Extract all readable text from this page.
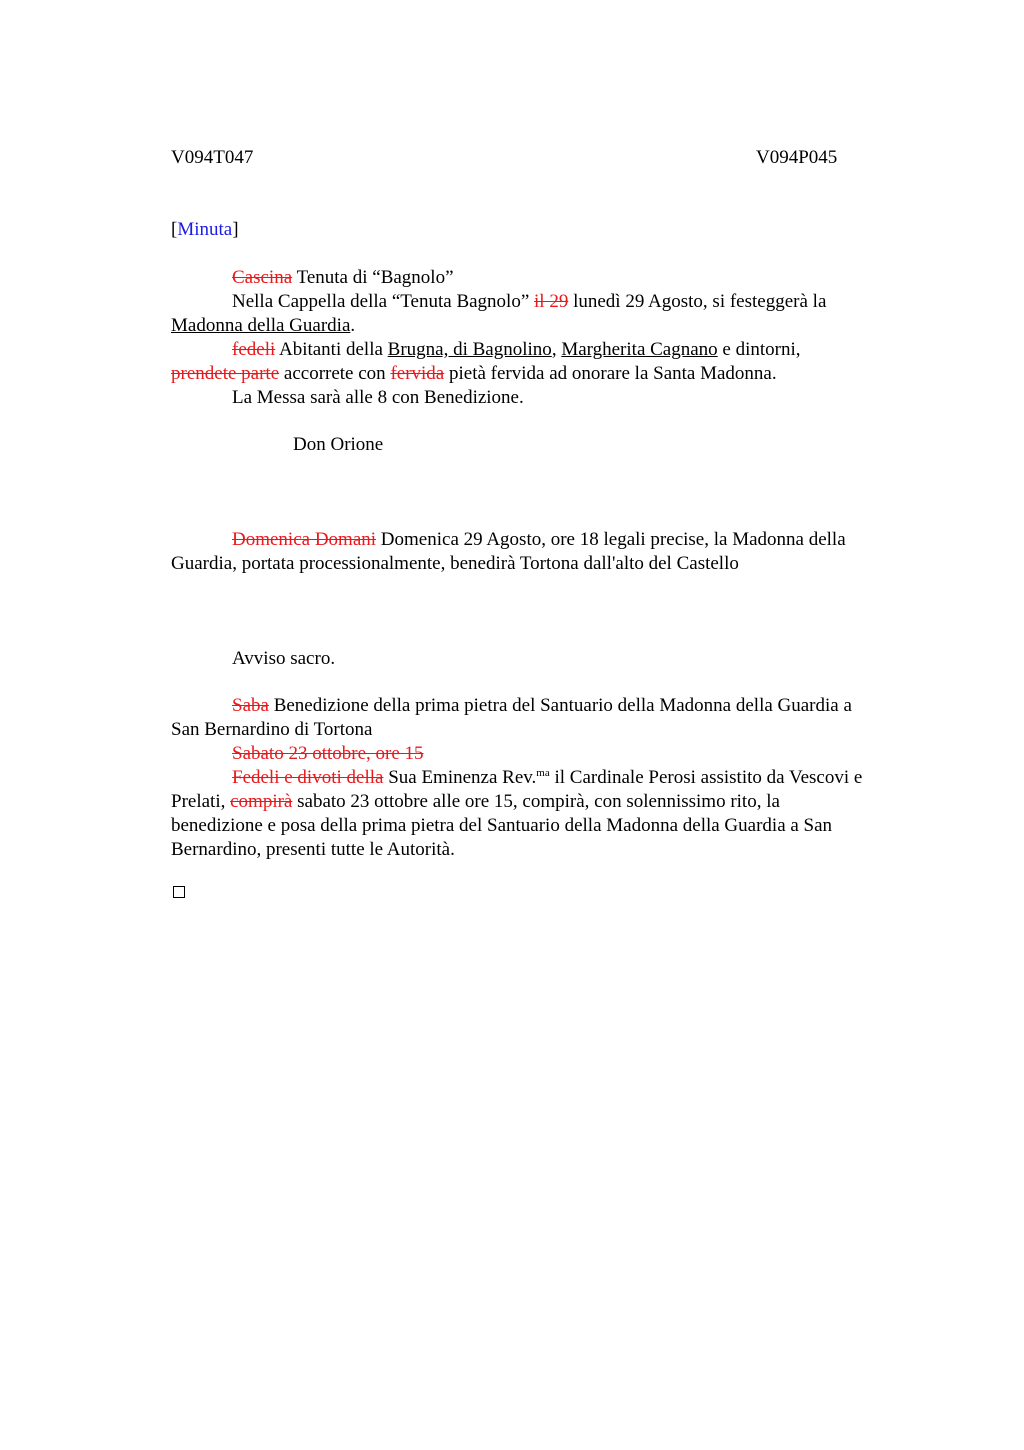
V094T047	V094P045
[Minuta]
Cascina Tenuta di “Bagnolo”
Nella Cappella della “Tenuta Bagnolo” il 29 lunedì 29 Agosto, si festeggerà la
Madonna della Guardia.
fedeli Abitanti della Brugna, di Bagnolino, Margherita Cagnano e dintorni,
prendete parte accorrete con fervida pietà fervida ad onorare la Santa Madonna.
La Messa sarà alle 8 con Benedizione.
Don Orione
Domenica Domani Domenica 29 Agosto, ore 18 legali precise, la Madonna della
Guardia, portata processionalmente, benedirà Tortona dall'alto del Castello
Avviso sacro.
Saba Benedizione della prima pietra del Santuario della Madonna della Guardia a
San Bernardino di Tortona
Sabato 23 ottobre, ore 15
Fedeli e divoti della Sua Eminenza Rev.$^{ma}$ il Cardinale Perosi assistito da Vescovi e
Prelati, compirà sabato 23 ottobre alle ore 15, compirà, con solennissimo rito, la
benedizione e posa della prima pietra del Santuario della Madonna della Guardia a San
Bernardino, presenti tutte le Autorità.
